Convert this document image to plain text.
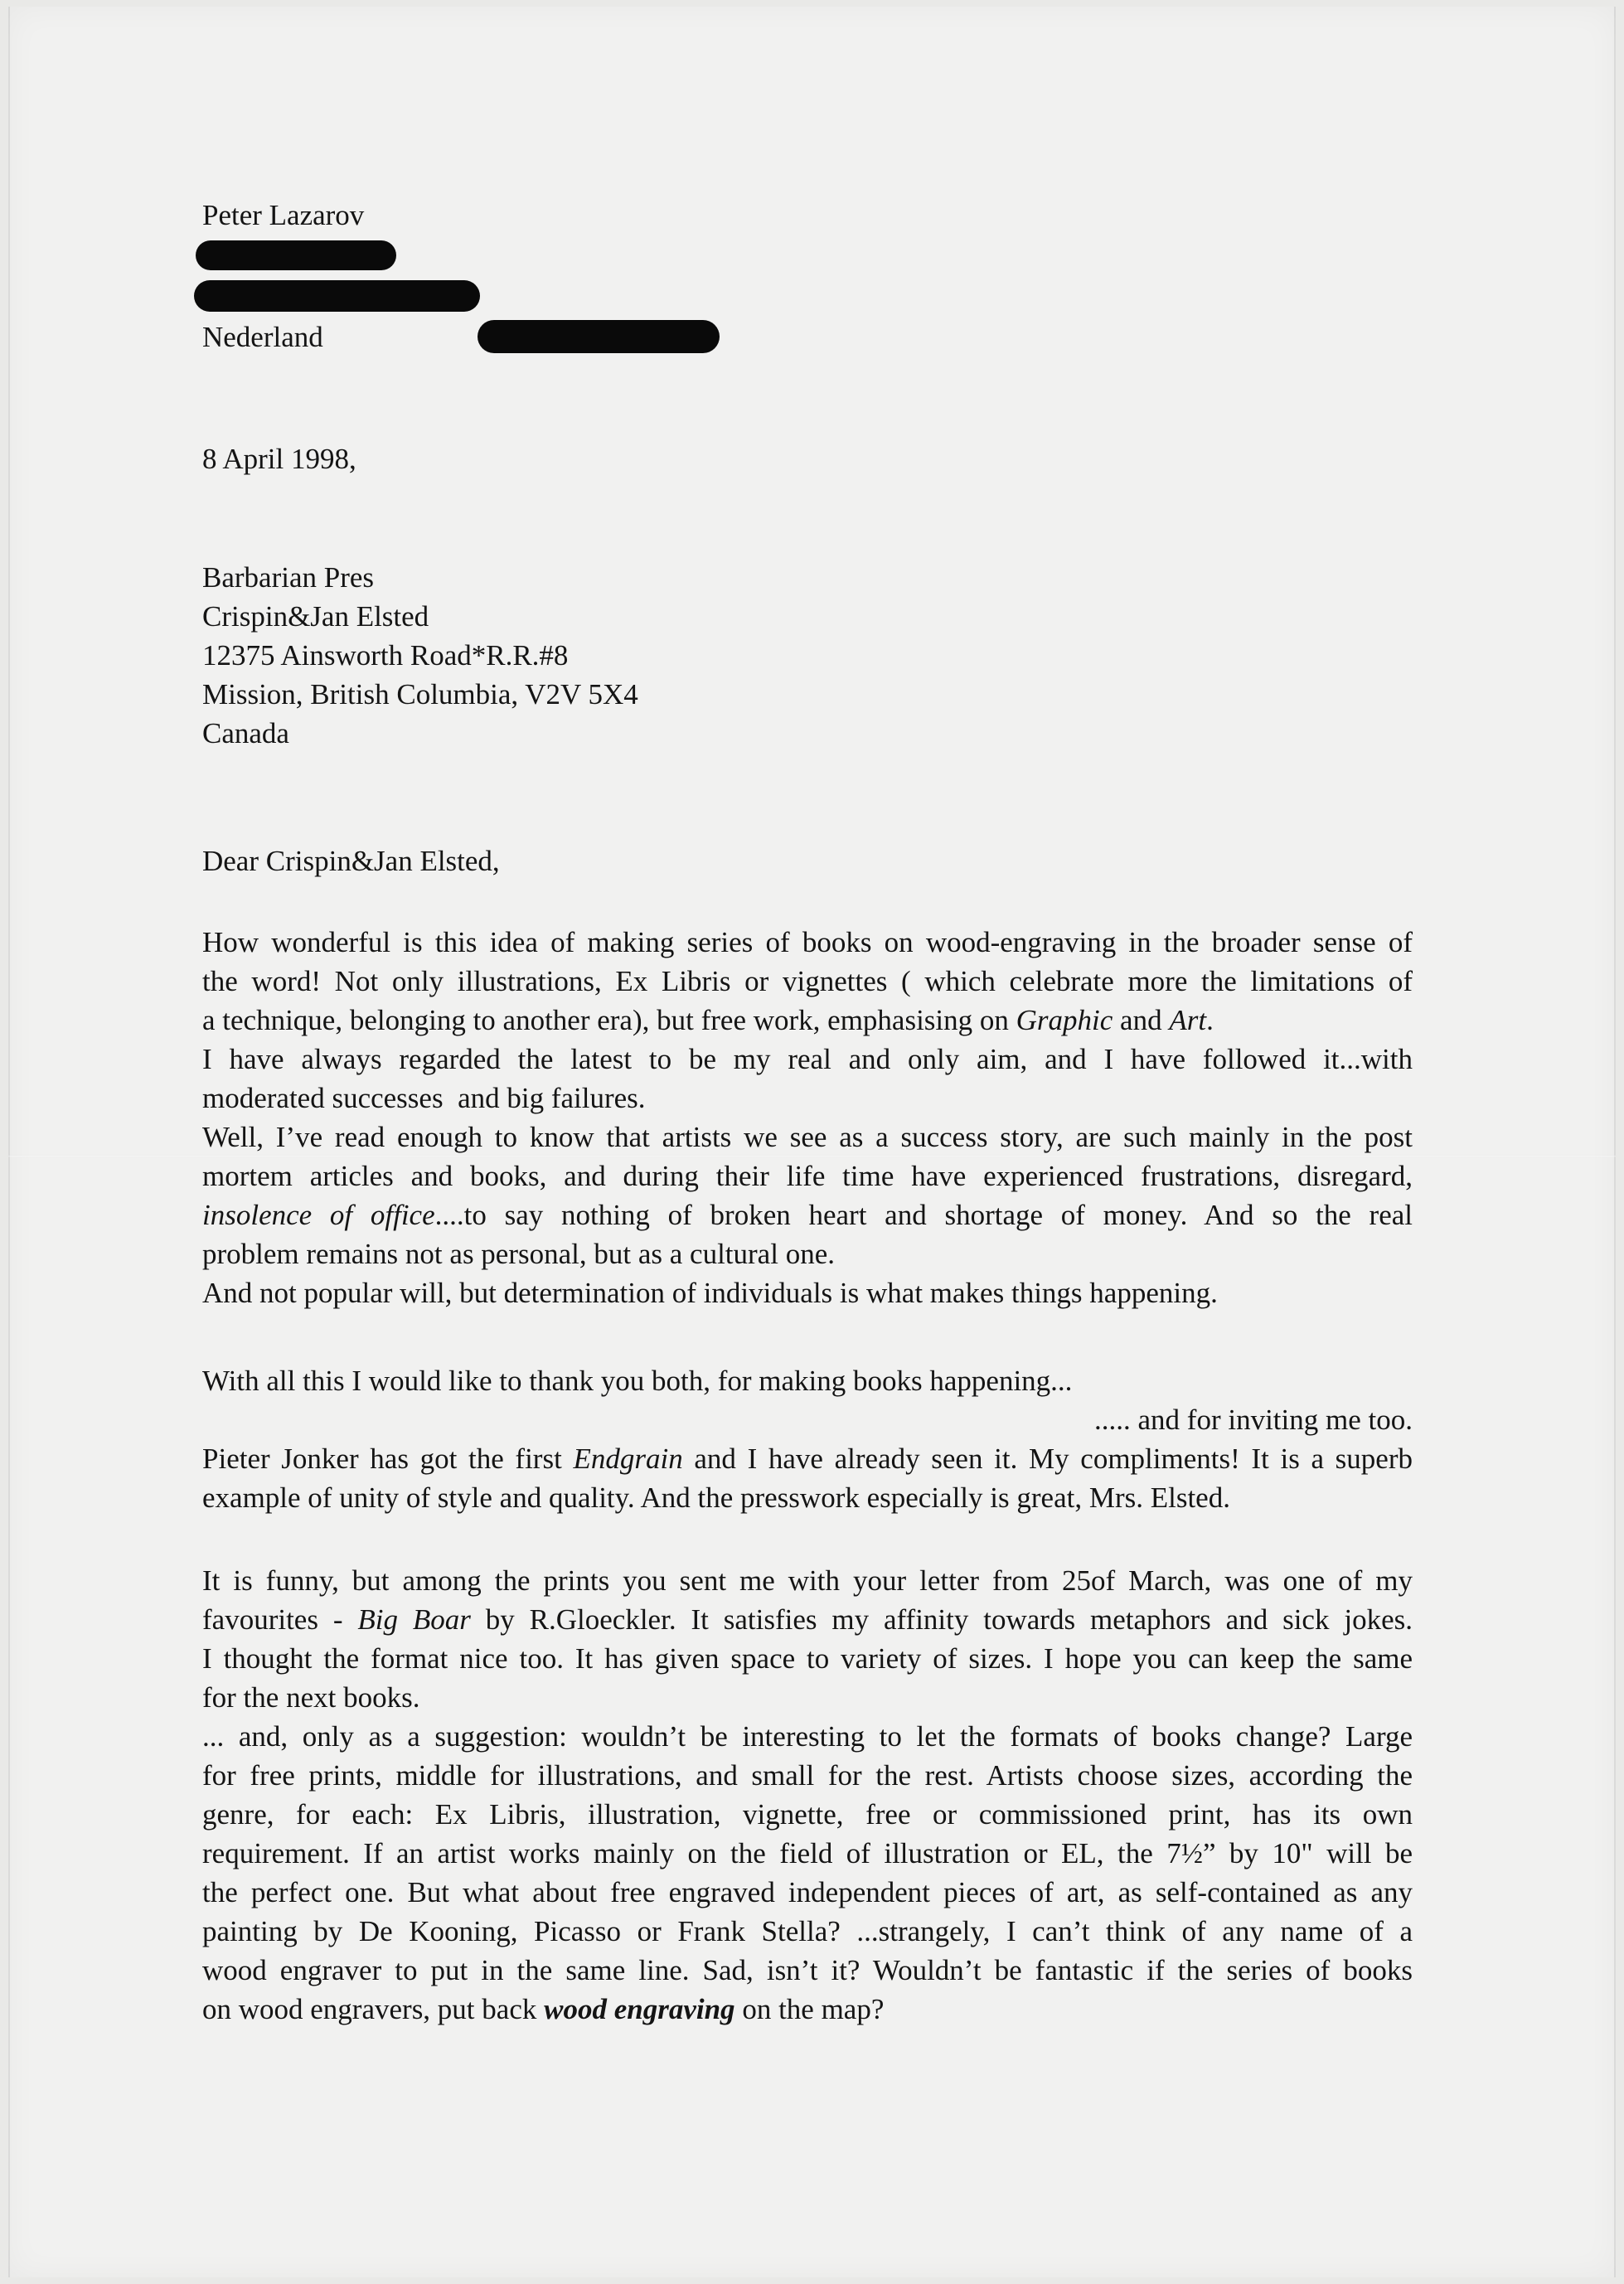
Peter Lazarov
Nederland
8 April 1998,
Barbarian Pres
Crispin&Jan Elsted
12375 Ainsworth Road*R.R.#8
Mission, British Columbia, V2V 5X4
Canada
Dear Crispin&Jan Elsted,
How wonderful is this idea of making series of books on wood-engraving in the broader sense of
the word! Not only illustrations, Ex Libris or vignettes ( which celebrate more the limitations of
a technique, belonging to another era), but free work, emphasising on Graphic and Art.
I have always regarded the latest to be my real and only aim, and I have followed it...with
moderated successes  and big failures.
Well, I’ve read enough to know that artists we see as a success story, are such mainly in the post
mortem articles and books, and during their life time have experienced frustrations, disregard,
insolence of office....to say nothing of broken heart and shortage of money. And so the real
problem remains not as personal, but as a cultural one.
And not popular will, but determination of individuals is what makes things happening.
With all this I would like to thank you both, for making books happening...
..... and for inviting me too.
Pieter Jonker has got the first Endgrain and I have already seen it. My compliments! It is a superb
example of unity of style and quality. And the presswork especially is great, Mrs. Elsted.
It is funny, but among the prints you sent me with your letter from 25of March, was one of my
favourites - Big Boar by R.Gloeckler. It satisfies my affinity towards metaphors and sick jokes.
I thought the format nice too. It has given space to variety of sizes. I hope you can keep the same
for the next books.
... and, only as a suggestion: wouldn’t be interesting to let the formats of books change? Large
for free prints, middle for illustrations, and small for the rest. Artists choose sizes, according the
genre, for each: Ex Libris, illustration, vignette, free or commissioned print, has its own
requirement. If an artist works mainly on the field of illustration or EL, the 7½” by 10" will be
the perfect one. But what about free engraved independent pieces of art, as self-contained as any
painting by De Kooning, Picasso or Frank Stella? ...strangely, I can’t think of any name of a
wood engraver to put in the same line. Sad, isn’t it? Wouldn’t be fantastic if the series of books
on wood engravers, put back wood engraving on the map?
